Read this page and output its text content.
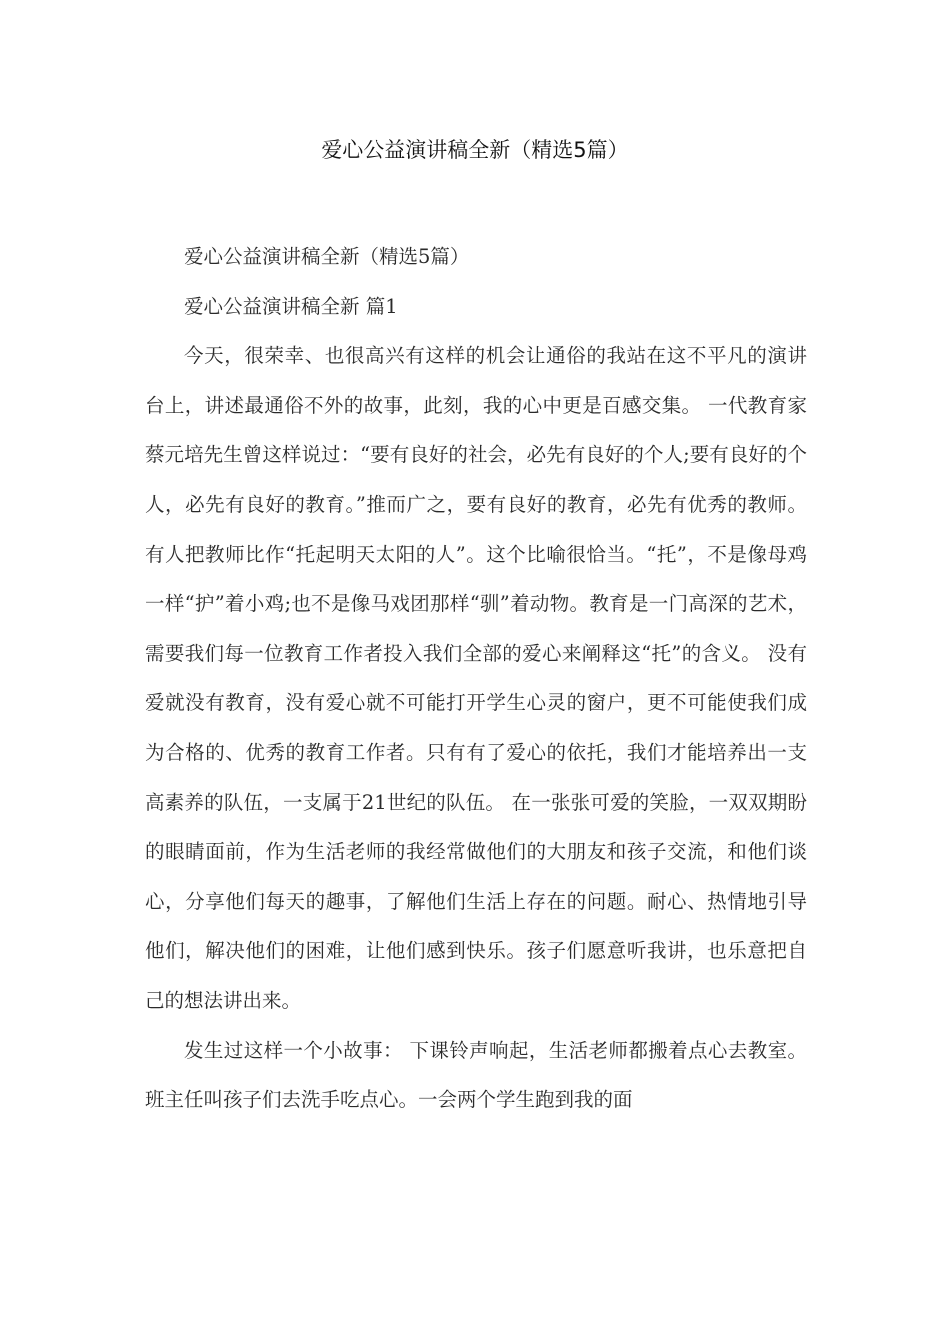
爱心公益演讲稿全新（精选5篇）

爱心公益演讲稿全新（精选5篇）

爱心公益演讲稿全新 篇1

今天，很荣幸、也很高兴有这样的机会让通俗的我站在这不平凡的演讲台上，讲述最通俗不外的故事，此刻，我的心中更是百感交集。 一代教育家蔡元培先生曾这样说过：“要有良好的社会，必先有良好的个人;要有良好的个人，必先有良好的教育。”推而广之，要有良好的教育，必先有优秀的教师。有人把教师比作“托起明天太阳的人”。这个比喻很恰当。“托”，不是像母鸡一样“护”着小鸡;也不是像马戏团那样“驯”着动物。教育是一门高深的艺术，需要我们每一位教育工作者投入我们全部的爱心来阐释这“托”的含义。 没有爱就没有教育，没有爱心就不可能打开学生心灵的窗户，更不可能使我们成为合格的、优秀的教育工作者。只有有了爱心的依托，我们才能培养出一支高素养的队伍，一支属于21世纪的队伍。 在一张张可爱的笑脸，一双双期盼的眼睛面前，作为生活老师的我经常做他们的大朋友和孩子交流，和他们谈心，分享他们每天的趣事，了解他们生活上存在的问题。耐心、热情地引导他们，解决他们的困难，让他们感到快乐。孩子们愿意听我讲，也乐意把自己的想法讲出来。

发生过这样一个小故事： 下课铃声响起，生活老师都搬着点心去教室。班主任叫孩子们去洗手吃点心。一会两个学生跑到我的面
